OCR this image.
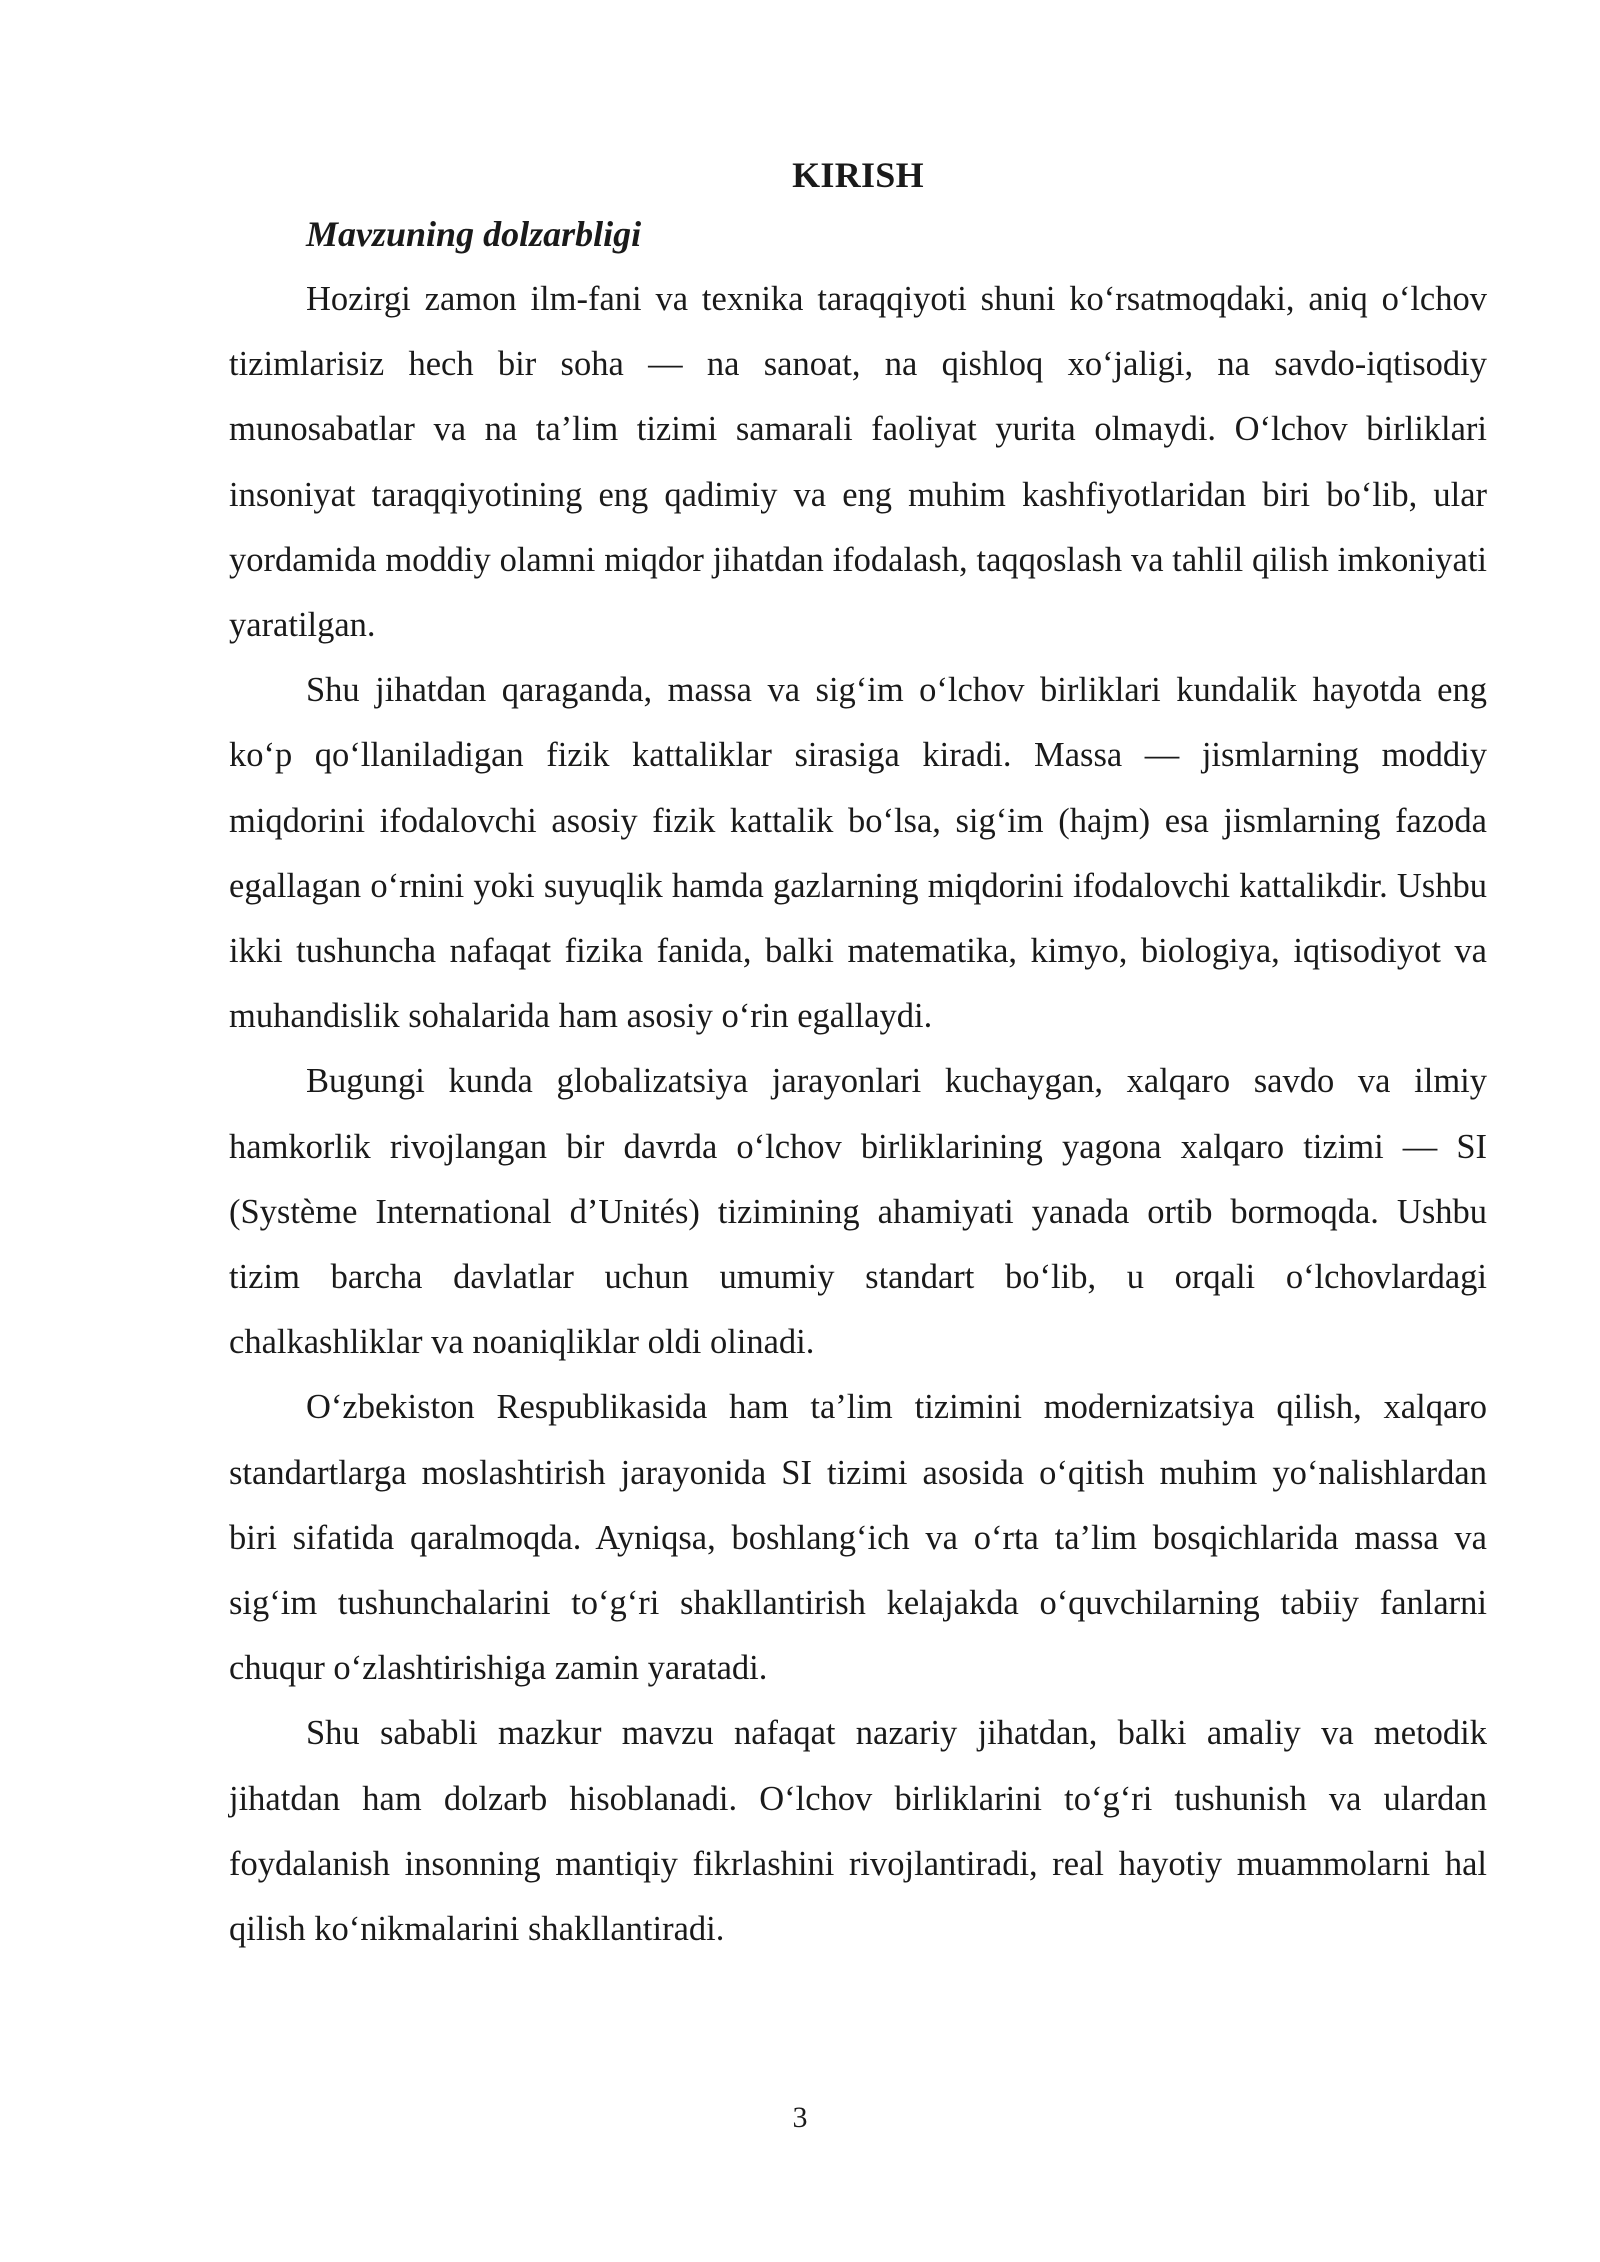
KIRISH
Mavzuning dolzarbligi

Hozirgi zamon ilm-fani va texnika taraqqiyoti shuni koʻrsatmoqdaki, aniq oʻlchov tizimlarisiz hech bir soha — na sanoat, na qishloq xoʻjaligi, na savdo-iqtisodiy munosabatlar va na ta’lim tizimi samarali faoliyat yurita olmaydi. Oʻlchov birliklari insoniyat taraqqiyotining eng qadimiy va eng muhim kashfiyotlaridan biri boʻlib, ular yordamida moddiy olamni miqdor jihatdan ifodalash, taqqoslash va tahlil qilish imkoniyati yaratilgan.

Shu jihatdan qaraganda, massa va sigʻim oʻlchov birliklari kundalik hayotda eng koʻp qoʻllaniladigan fizik kattaliklar sirasiga kiradi. Massa — jismlarning moddiy miqdorini ifodalovchi asosiy fizik kattalik boʻlsa, sigʻim (hajm) esa jismlarning fazoda egallagan oʻrnini yoki suyuqlik hamda gazlarning miqdorini ifodalovchi kattalikdir. Ushbu ikki tushuncha nafaqat fizika fanida, balki matematika, kimyo, biologiya, iqtisodiyot va muhandislik sohalarida ham asosiy oʻrin egallaydi.

Bugungi kunda globalizatsiya jarayonlari kuchaygan, xalqaro savdo va ilmiy hamkorlik rivojlangan bir davrda oʻlchov birliklarining yagona xalqaro tizimi — SI (Système International d’Unités) tizimining ahamiyati yanada ortib bormoqda. Ushbu tizim barcha davlatlar uchun umumiy standart boʻlib, u orqali oʻlchovlardagi chalkashliklar va noaniqliklar oldi olinadi.

Oʻzbekiston Respublikasida ham ta’lim tizimini modernizatsiya qilish, xalqaro standartlarga moslashtirish jarayonida SI tizimi asosida oʻqitish muhim yoʻnalishlardan biri sifatida qaralmoqda. Ayniqsa, boshlangʻich va oʻrta ta’lim bosqichlarida massa va sigʻim tushunchalarini toʻgʻri shakllantirish kelajakda oʻquvchilarning tabiiy fanlarni chuqur oʻzlashtirishiga zamin yaratadi.

Shu sababli mazkur mavzu nafaqat nazariy jihatdan, balki amaliy va metodik jihatdan ham dolzarb hisoblanadi. Oʻlchov birliklarini toʻgʻri tushunish va ulardan foydalanish insonning mantiqiy fikrlashini rivojlantiradi, real hayotiy muammolarni hal qilish koʻnikmalarini shakllantiradi.

3
